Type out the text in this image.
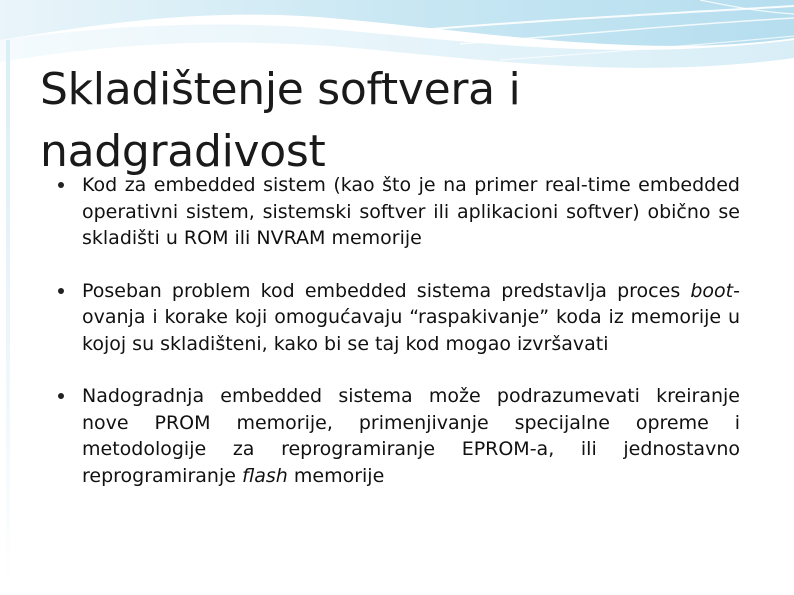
Skladištenje softvera i nadgradivost
Kod za embedded sistem (kao što je na primer real-time embedded operativni sistem, sistemski softver ili aplikacioni softver) obično se skladišti u ROM ili NVRAM memorije
Poseban problem kod embedded sistema predstavlja proces boot-ovanja i korake koji omogućavaju “raspakivanje” koda iz memorije u kojoj su skladišteni, kako bi se taj kod mogao izvršavati
Nadogradnja embedded sistema može podrazumevati kreiranje nove PROM memorije, primenjivanje specijalne opreme i metodologije za reprogramiranje EPROM-a, ili jednostavno reprogramiranje flash memorije
